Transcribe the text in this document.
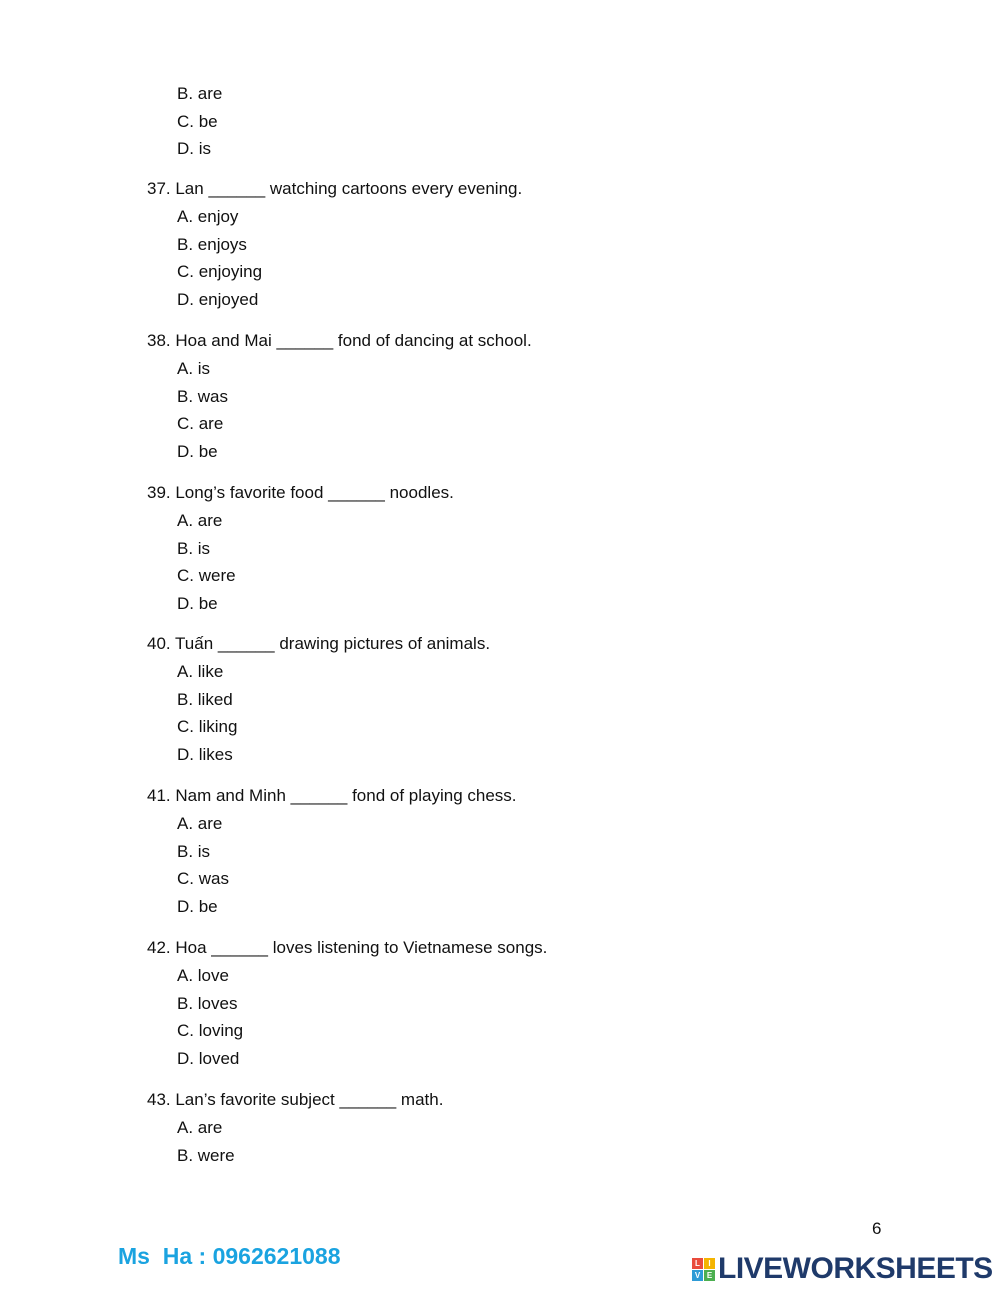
B. are
C. be
D. is
37. Lan ______ watching cartoons every evening.
A. enjoy
B. enjoys
C. enjoying
D. enjoyed
38. Hoa and Mai ______ fond of dancing at school.
A. is
B. was
C. are
D. be
39. Long’s favorite food ______ noodles.
A. are
B. is
C. were
D. be
40. Tuấn ______ drawing pictures of animals.
A. like
B. liked
C. liking
D. likes
41. Nam and Minh ______ fond of playing chess.
A. are
B. is
C. was
D. be
42. Hoa ______ loves listening to Vietnamese songs.
A. love
B. loves
C. loving
D. loved
43. Lan’s favorite subject ______ math.
A. are
B. were
6
Ms  Ha : 0962621088	L	I
V E LIVEWORKSHEETS
